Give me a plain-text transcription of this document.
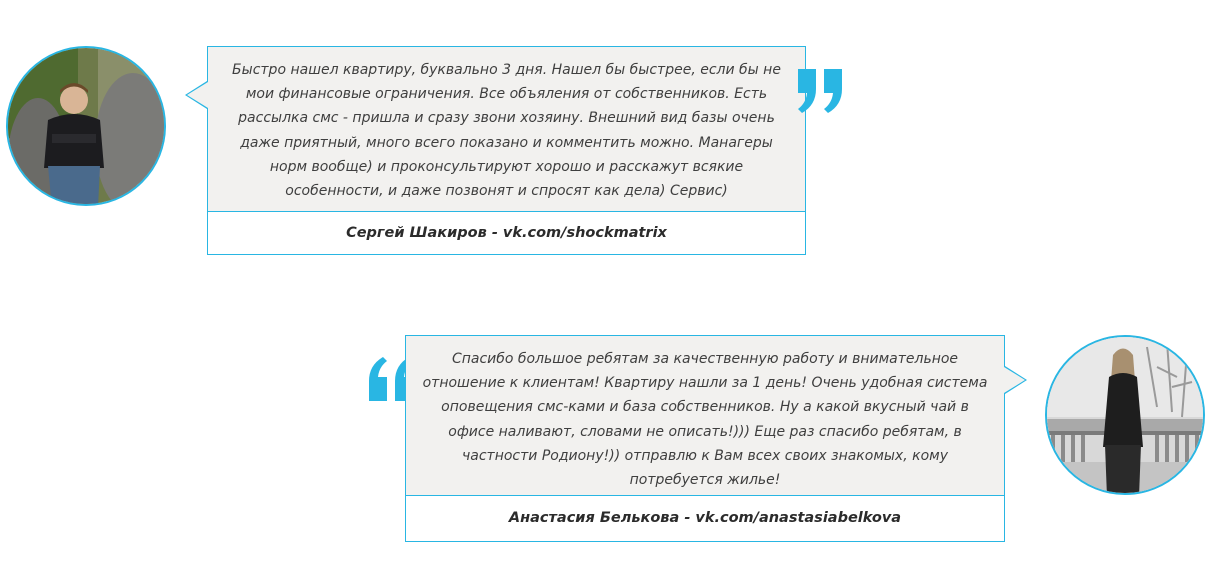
Быстро нашел квартиру, буквально 3 дня. Нашел бы быстрее, если бы не мои финансовые ограничения. Все объяления от собственников. Есть рассылка смс - пришла и сразу звони хозяину. Внешний вид базы очень даже приятный, много всего показано и комментить можно. Манагеры норм вообще) и проконсультируют хорошо и расскажут всякие особенности, и даже позвонят и спросят как дела) Сервис)
Сергей Шакиров - vk.com/shockmatrix
Спасибо большое ребятам за качественную работу и внимательное отношение к клиентам! Квартиру нашли за 1 день! Очень удобная система оповещения смс-ками и база собственников. Ну а какой вкусный чай в офисе наливают, словами не описать!))) Еще раз спасибо ребятам, в частности Родиону!)) отправлю к Вам всех своих знакомых, кому потребуется жилье!
Анастасия Белькова - vk.com/anastasiabelkova
